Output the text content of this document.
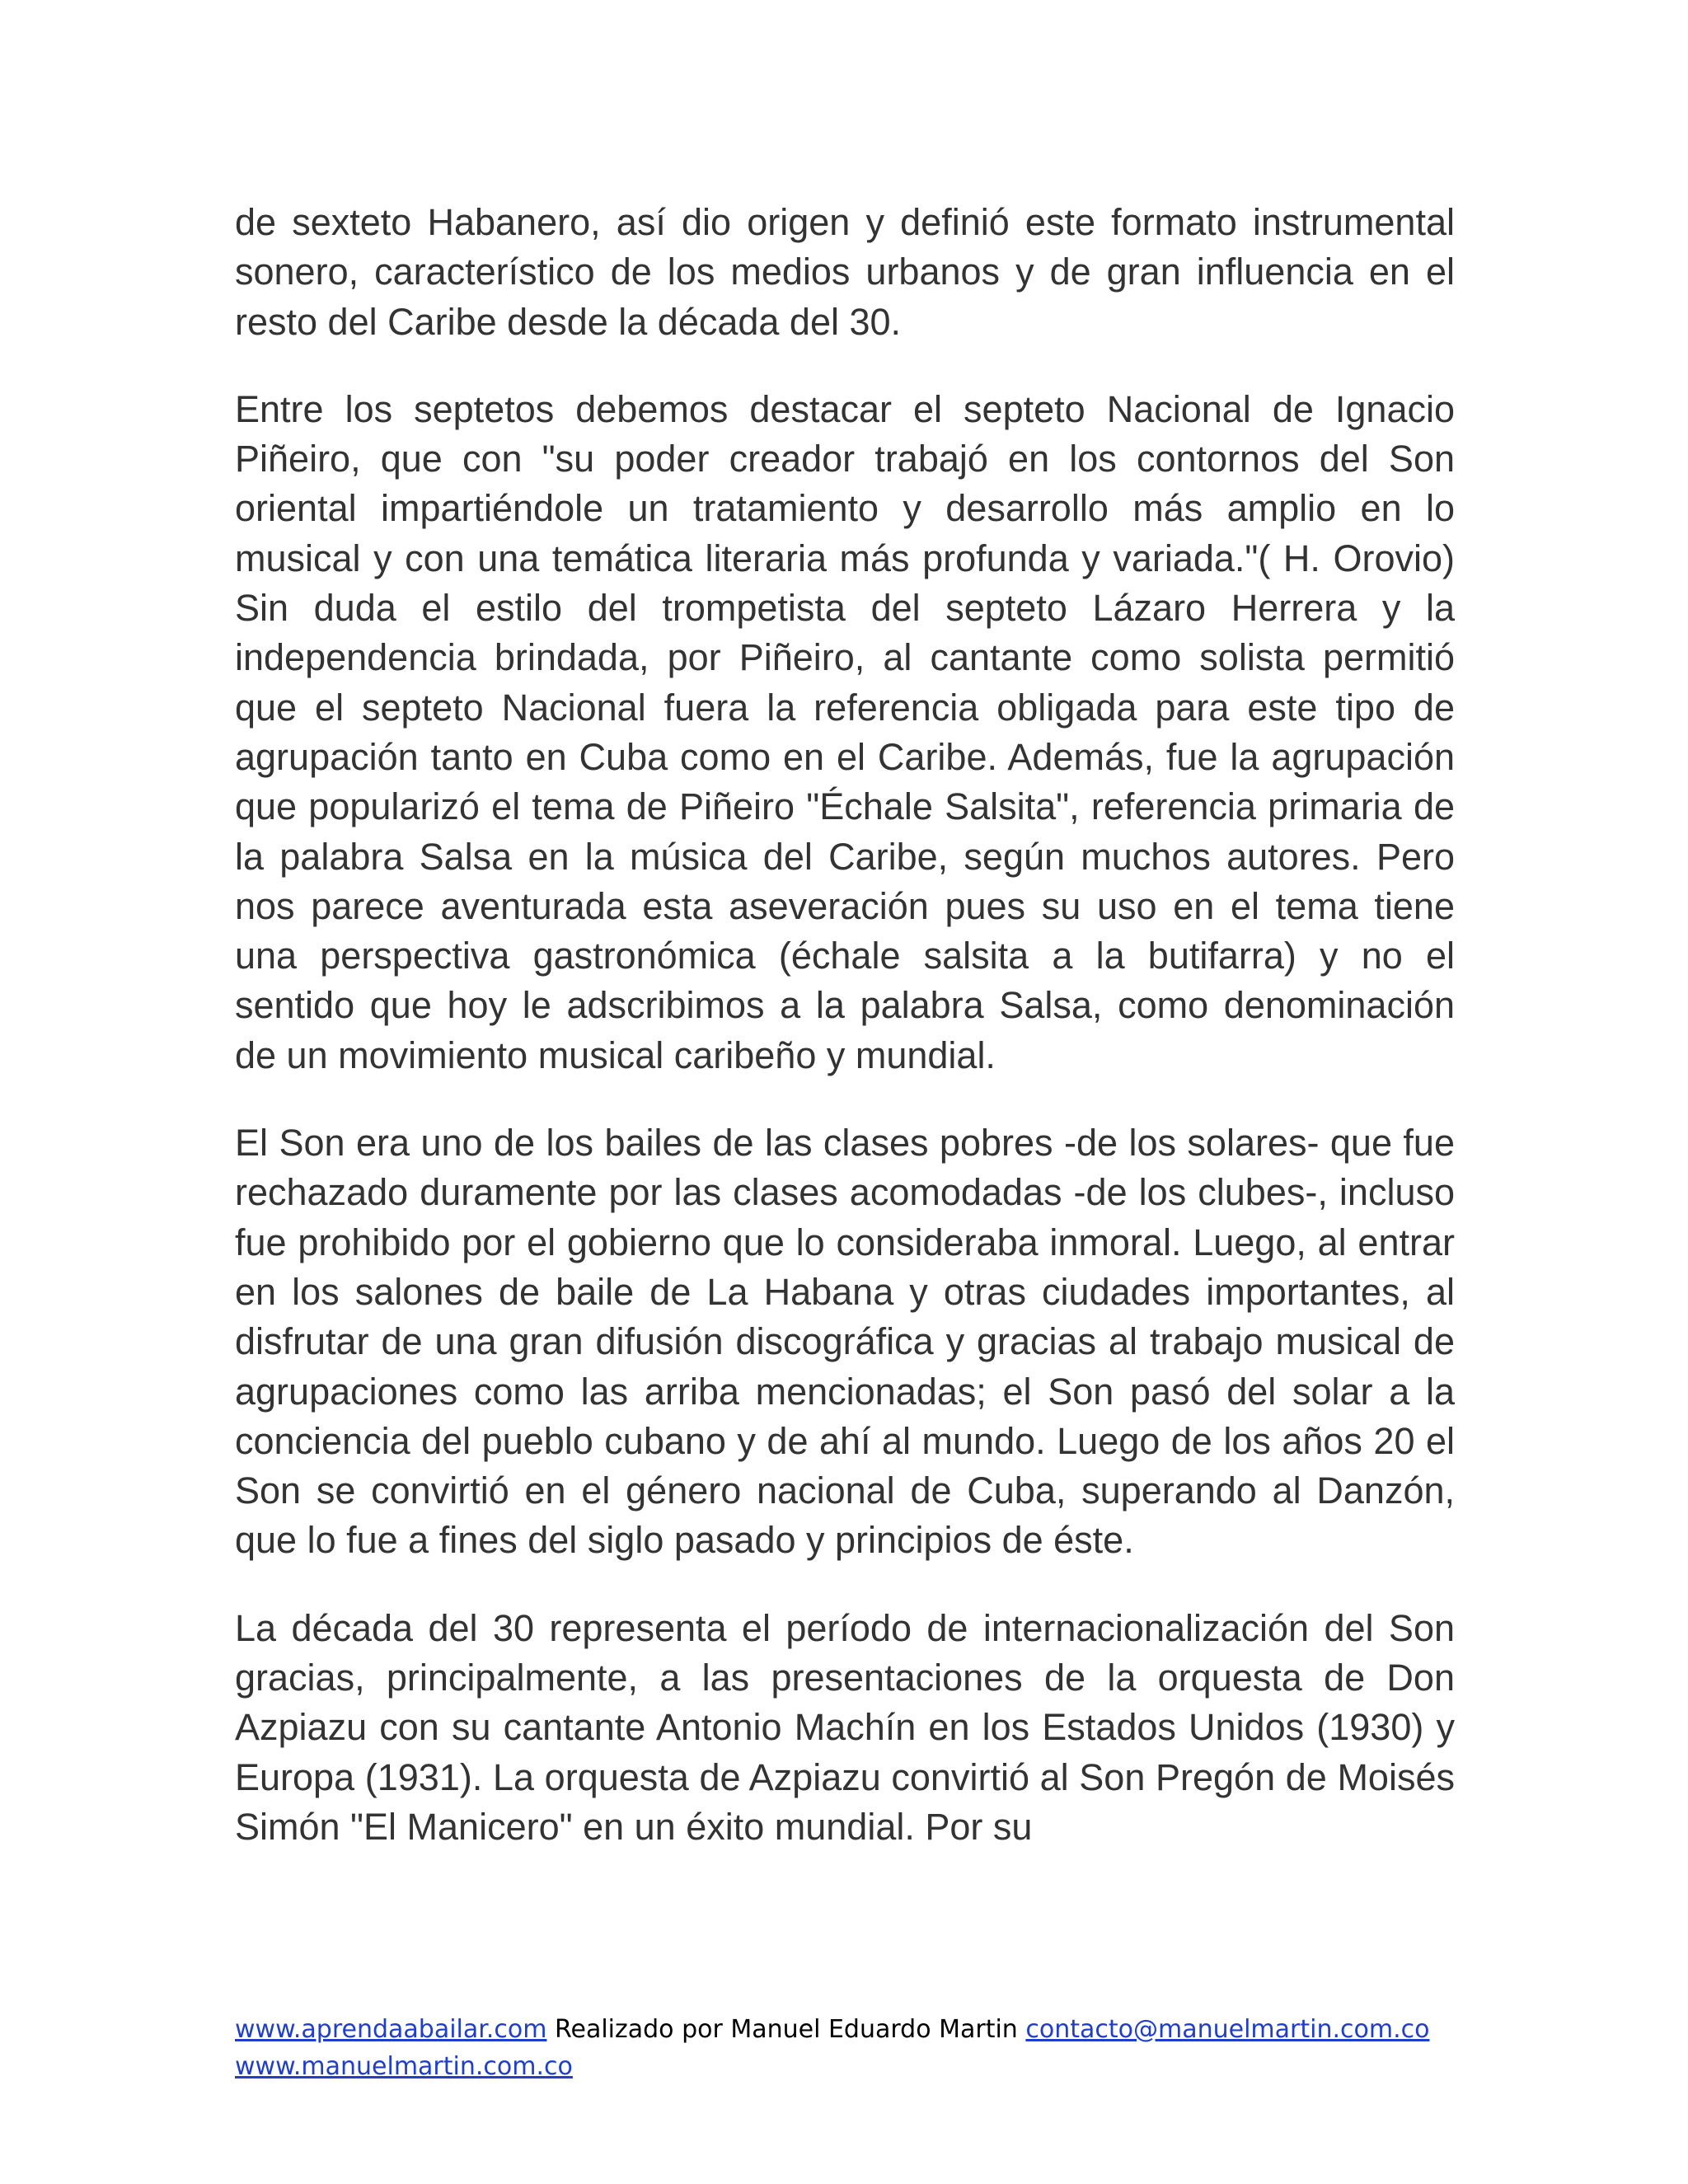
de sexteto Habanero, así dio origen y definió este formato instrumental sonero, característico de los medios urbanos y de gran influencia en el resto del Caribe desde la década del 30.

Entre los septetos debemos destacar el septeto Nacional de Ignacio Piñeiro, que con "su poder creador trabajó en los contornos del Son oriental impartiéndole un tratamiento y desarrollo más amplio en lo musical y con una temática literaria más profunda y variada."( H. Orovio) Sin duda el estilo del trompetista del septeto Lázaro Herrera y la independencia brindada, por Piñeiro, al cantante como solista permitió que el septeto Nacional fuera la referencia obligada para este tipo de agrupación tanto en Cuba como en el Caribe. Además, fue la agrupación que popularizó el tema de Piñeiro "Échale Salsita", referencia primaria de la palabra Salsa en la música del Caribe, según muchos autores. Pero nos parece aventurada esta aseveración pues su uso en el tema tiene una perspectiva gastronómica (échale salsita a la butifarra) y no el sentido que hoy le adscribimos a la palabra Salsa, como denominación de un movimiento musical caribeño y mundial.

El Son era uno de los bailes de las clases pobres -de los solares- que fue rechazado duramente por las clases acomodadas -de los clubes-, incluso fue prohibido por el gobierno que lo consideraba inmoral. Luego, al entrar en los salones de baile de La Habana y otras ciudades importantes, al disfrutar de una gran difusión discográfica y gracias al trabajo musical de agrupaciones como las arriba mencionadas; el Son pasó del solar a la conciencia del pueblo cubano y de ahí al mundo. Luego de los años 20 el Son se convirtió en el género nacional de Cuba, superando al Danzón, que lo fue a fines del siglo pasado y principios de éste.

La década del 30 representa el período de internacionalización del Son gracias, principalmente, a las presentaciones de la orquesta de Don Azpiazu con su cantante Antonio Machín en los Estados Unidos (1930) y Europa (1931). La orquesta de Azpiazu convirtió al Son Pregón de Moisés Simón "El Manicero" en un éxito mundial. Por su

www.aprendaabailar.com Realizado por Manuel Eduardo Martin contacto@manuelmartin.com.co
www.manuelmartin.com.co
